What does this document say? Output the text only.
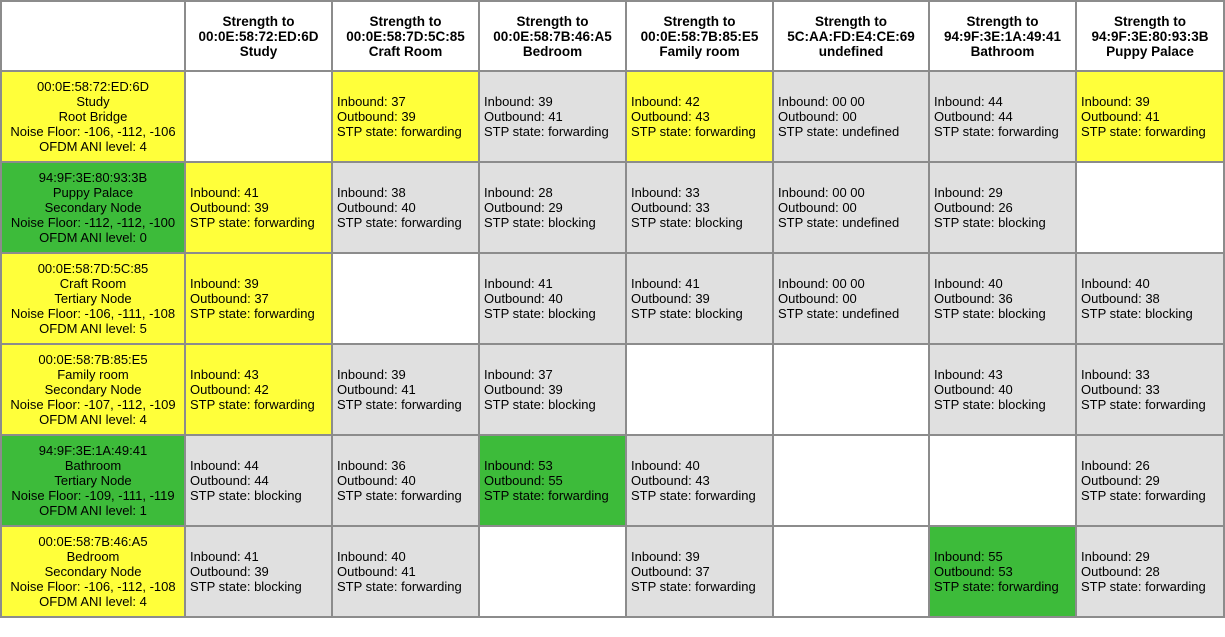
	Strength to
00:0E:58:72:ED:6D
Study	Strength to
00:0E:58:7D:5C:85
Craft Room	Strength to
00:0E:58:7B:46:A5
Bedroom	Strength to
00:0E:58:7B:85:E5
Family room	Strength to
5C:AA:FD:E4:CE:69
undefined	Strength to
94:9F:3E:1A:49:41
Bathroom	Strength to
94:9F:3E:80:93:3B
Puppy Palace

00:0E:58:72:ED:6D
Study
Root Bridge
Noise Floor: -106, -112, -106
OFDM ANI level: 4		Inbound: 37
Outbound: 39
STP state: forwarding	Inbound: 39
Outbound: 41
STP state: forwarding	Inbound: 42
Outbound: 43
STP state: forwarding	Inbound: 00 00
Outbound: 00
STP state: undefined	Inbound: 44
Outbound: 44
STP state: forwarding	Inbound: 39
Outbound: 41
STP state: forwarding

94:9F:3E:80:93:3B
Puppy Palace
Secondary Node
Noise Floor: -112, -112, -100
OFDM ANI level: 0	Inbound: 41
Outbound: 39
STP state: forwarding	Inbound: 38
Outbound: 40
STP state: forwarding	Inbound: 28
Outbound: 29
STP state: blocking	Inbound: 33
Outbound: 33
STP state: blocking	Inbound: 00 00
Outbound: 00
STP state: undefined	Inbound: 29
Outbound: 26
STP state: blocking	

00:0E:58:7D:5C:85
Craft Room
Tertiary Node
Noise Floor: -106, -111, -108
OFDM ANI level: 5	Inbound: 39
Outbound: 37
STP state: forwarding		Inbound: 41
Outbound: 40
STP state: blocking	Inbound: 41
Outbound: 39
STP state: blocking	Inbound: 00 00
Outbound: 00
STP state: undefined	Inbound: 40
Outbound: 36
STP state: blocking	Inbound: 40
Outbound: 38
STP state: blocking

00:0E:58:7B:85:E5
Family room
Secondary Node
Noise Floor: -107, -112, -109
OFDM ANI level: 4	Inbound: 43
Outbound: 42
STP state: forwarding	Inbound: 39
Outbound: 41
STP state: forwarding	Inbound: 37
Outbound: 39
STP state: blocking			Inbound: 43
Outbound: 40
STP state: blocking	Inbound: 33
Outbound: 33
STP state: forwarding

94:9F:3E:1A:49:41
Bathroom
Tertiary Node
Noise Floor: -109, -111, -119
OFDM ANI level: 1	Inbound: 44
Outbound: 44
STP state: blocking	Inbound: 36
Outbound: 40
STP state: forwarding	Inbound: 53
Outbound: 55
STP state: forwarding	Inbound: 40
Outbound: 43
STP state: forwarding			Inbound: 26
Outbound: 29
STP state: forwarding

00:0E:58:7B:46:A5
Bedroom
Secondary Node
Noise Floor: -106, -112, -108
OFDM ANI level: 4	Inbound: 41
Outbound: 39
STP state: blocking	Inbound: 40
Outbound: 41
STP state: forwarding		Inbound: 39
Outbound: 37
STP state: forwarding		Inbound: 55
Outbound: 53
STP state: forwarding	Inbound: 29
Outbound: 28
STP state: forwarding
